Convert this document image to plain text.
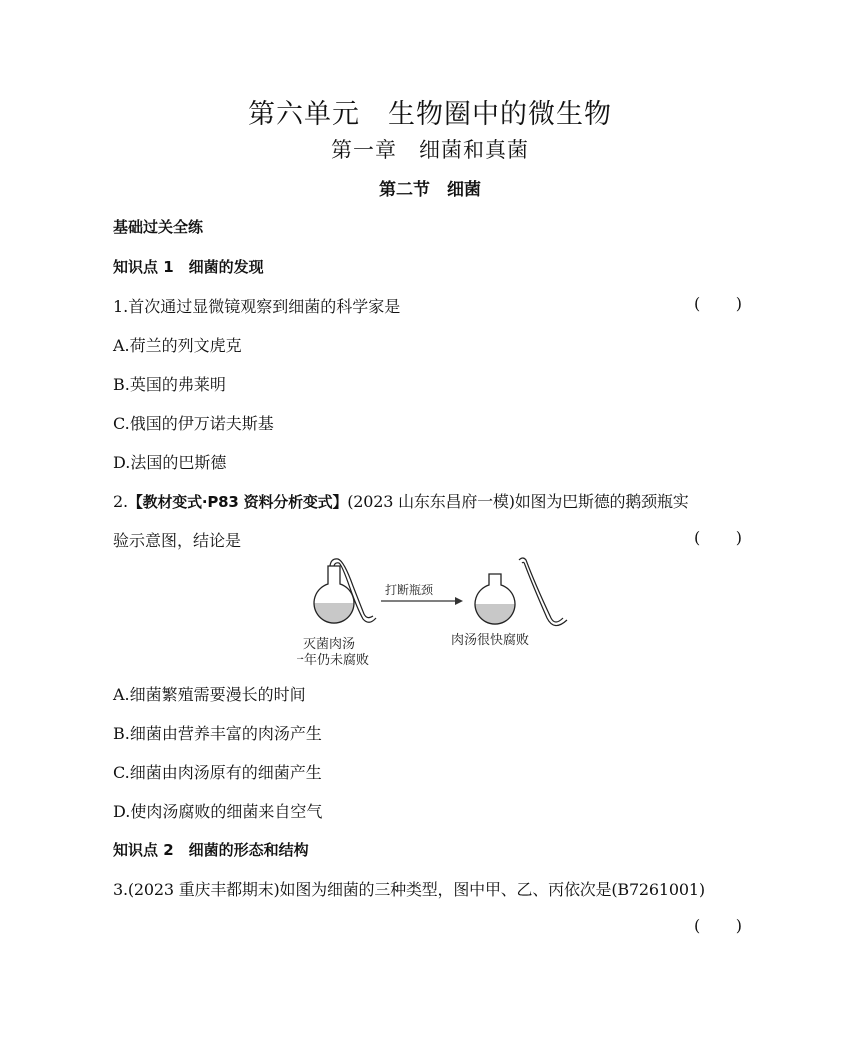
第六单元　生物圈中的微生物
第一章　细菌和真菌
第二节　细菌
基础过关全练
知识点 1　细菌的发现
1.首次通过显微镜观察到细菌的科学家是	( )
A.荷兰的列文虎克
B.英国的弗莱明
C.俄国的伊万诺夫斯基
D.法国的巴斯德
2.【教材变式·P83 资料分析变式】(2023 山东东昌府一模)如图为巴斯德的鹅颈瓶实
验示意图，结论是	( )
打断瓶颈
灭菌肉汤
一年仍未腐败
肉汤很快腐败
A.细菌繁殖需要漫长的时间
B.细菌由营养丰富的肉汤产生
C.细菌由肉汤原有的细菌产生
D.使肉汤腐败的细菌来自空气
知识点 2　细菌的形态和结构
3.(2023 重庆丰都期末)如图为细菌的三种类型，图中甲、乙、丙依次是(B7261001)
( )
